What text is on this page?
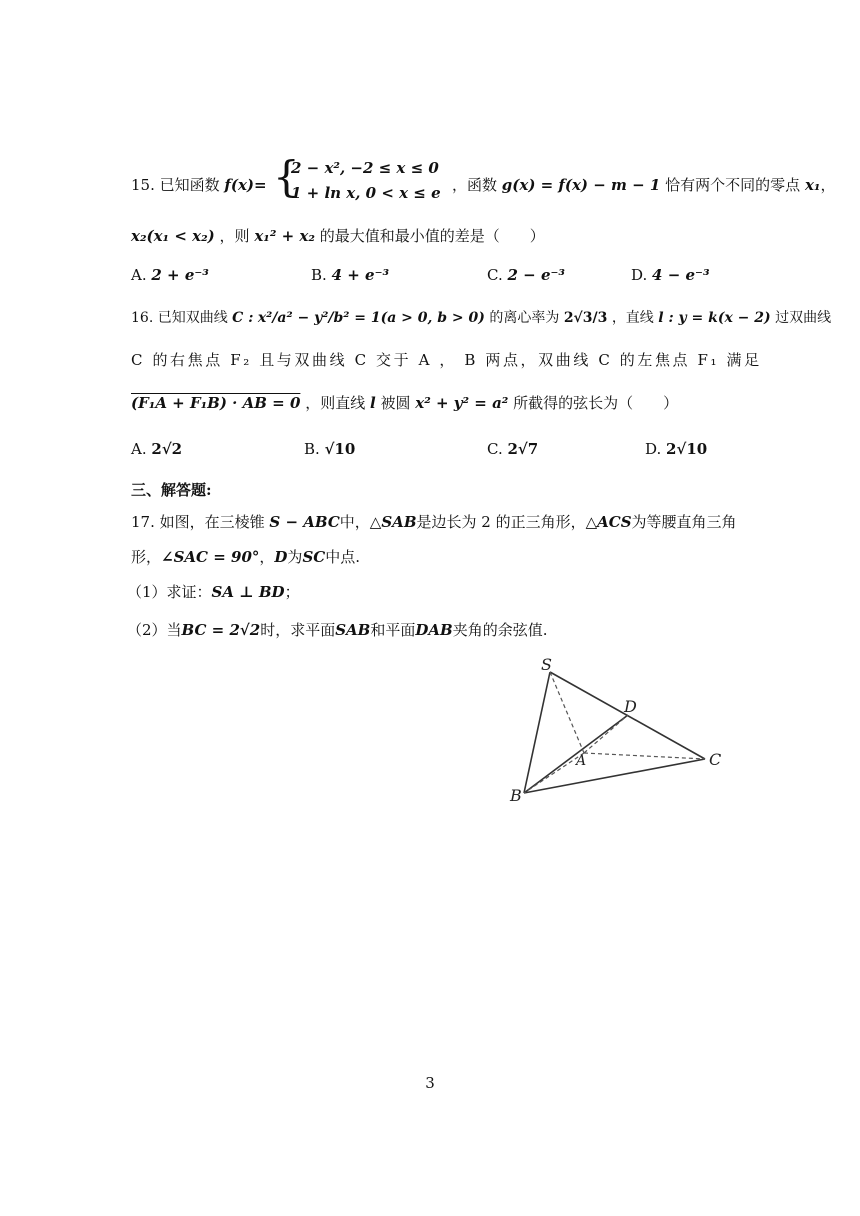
15. 已知函数 f(x)= {
2 − x², −2 ≤ x ≤ 0
1 + ln x, 0 < x ≤ e ，函数 g(x) = f(x) − m − 1 恰有两个不同的零点 x₁，
x₂(x₁ < x₂) ，则 x₁² + x₂ 的最大值和最小值的差是（　　）
A. 2 + e⁻³	B. 4 + e⁻³	C. 2 − e⁻³	D. 4 − e⁻³
16. 已知双曲线 C : x²/a² − y²/b² = 1(a > 0, b > 0) 的离心率为 2√3/3 ，直线 l : y = k(x − 2) 过双曲线
C 的右焦点 F₂ 且与双曲线 C 交于 A ， B 两点，双曲线 C 的左焦点 F₁ 满足
(F₁A + F₁B) · AB = 0 ，则直线 l 被圆 x² + y² = a² 所截得的弦长为（　　）
A. 2√2	B. √10	C. 2√7	D. 2√10
三、解答题:
17. 如图，在三棱锥 S − ABC中，△SAB是边长为 2 的正三角形，△ACS为等腰直角三角
形，∠SAC = 90°，D为SC中点.
（1）求证：SA ⊥ BD；
（2）当BC = 2√2时，求平面SAB和平面DAB夹角的余弦值.
S
D
A
B
C
3
